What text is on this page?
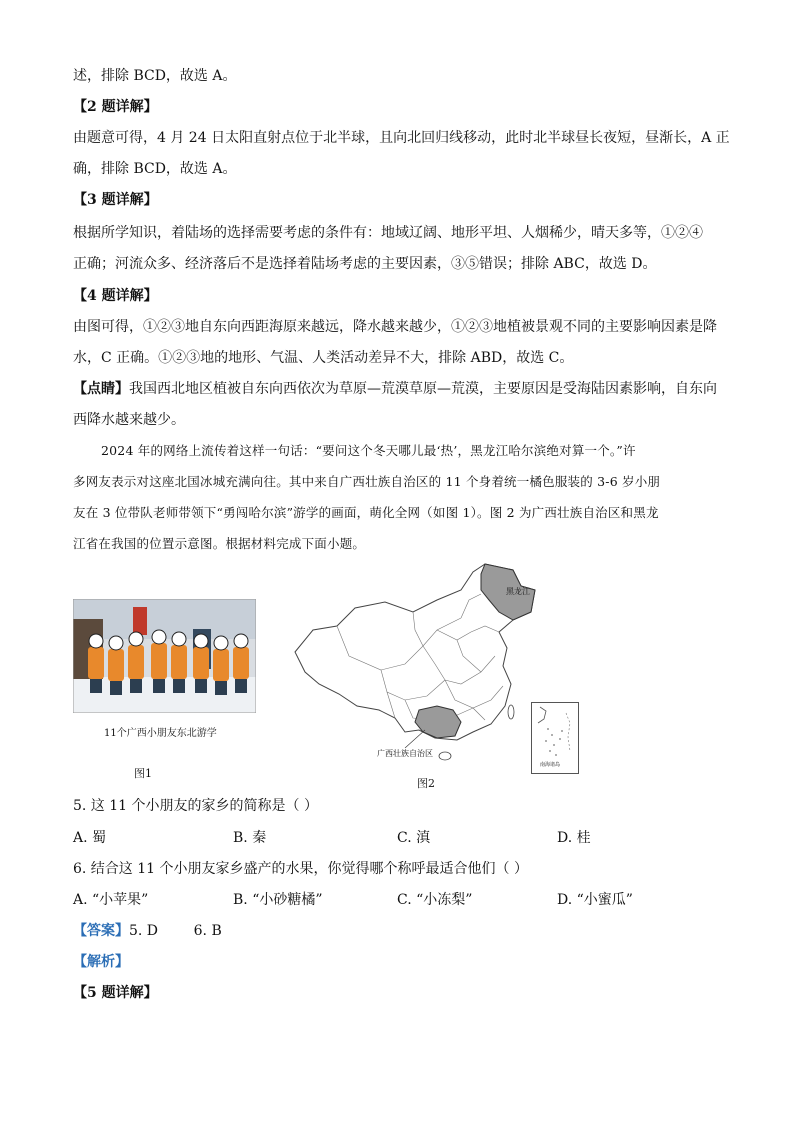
述，排除 BCD，故选 A。
【2 题详解】
由题意可得，4 月 24 日太阳直射点位于北半球，且向北回归线移动，此时北半球昼长夜短，昼渐长，A 正
确，排除 BCD，故选 A。
【3 题详解】
根据所学知识，着陆场的选择需要考虑的条件有：地域辽阔、地形平坦、人烟稀少，晴天多等，①②④
正确；河流众多、经济落后不是选择着陆场考虑的主要因素，③⑤错误；排除 ABC，故选 D。
【4 题详解】
由图可得，①②③地自东向西距海原来越远，降水越来越少，①②③地植被景观不同的主要影响因素是降
水，C 正确。①②③地的地形、气温、人类活动差异不大，排除 ABD，故选 C。
【点睛】我国西北地区植被自东向西依次为草原—荒漠草原—荒漠，主要原因是受海陆因素影响，自东向
西降水越来越少。
2024 年的网络上流传着这样一句话：“要问这个冬天哪儿最‘热’，黑龙江哈尔滨绝对算一个。”许
多网友表示对这座北国冰城充满向往。其中来自广西壮族自治区的 11 个身着统一橘色服装的 3-6 岁小朋
友在 3 位带队老师带领下“勇闯哈尔滨”游学的画面，萌化全网（如图 1）。图 2 为广西壮族自治区和黑龙
江省在我国的位置示意图。根据材料完成下面小题。
11个广西小朋友东北游学
图1
黑龙江
广西壮族自治区
南海诸岛
图2
5. 这 11 个小朋友的家乡的简称是（ ）
A. 蜀	B. 秦	C. 滇	D. 桂
6. 结合这 11 个小朋友家乡盛产的水果，你觉得哪个称呼最适合他们（ ）
A. “小苹果”	B. “小砂糖橘”	C. “小冻梨”	D. “小蜜瓜”
【答案】5. D        6. B
【解析】
【5 题详解】
